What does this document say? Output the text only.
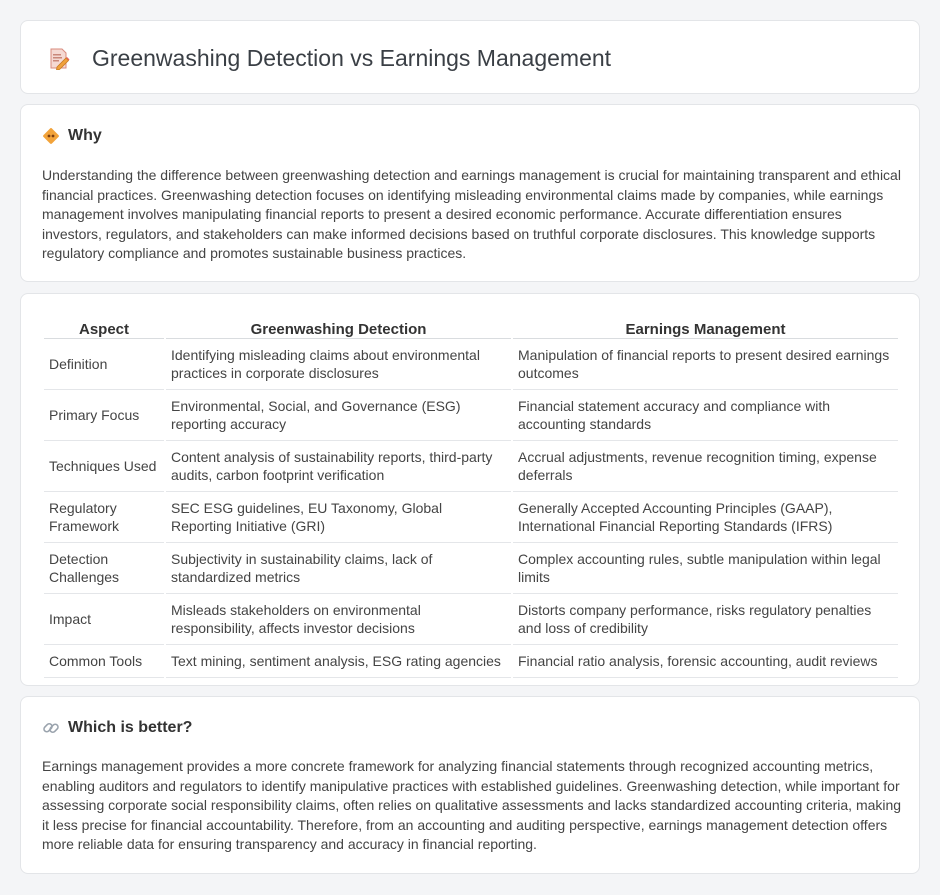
Greenwashing Detection vs Earnings Management
Why

Understanding the difference between greenwashing detection and earnings management is crucial for maintaining transparent and ethical financial practices. Greenwashing detection focuses on identifying misleading environmental claims made by companies, while earnings management involves manipulating financial reports to present a desired economic performance. Accurate differentiation ensures investors, regulators, and stakeholders can make informed decisions based on truthful corporate disclosures. This knowledge supports regulatory compliance and promotes sustainable business practices.

Aspect	Greenwashing Detection	Earnings Management
Definition	Identifying misleading claims about environmental practices in corporate disclosures	Manipulation of financial reports to present desired earnings outcomes
Primary Focus	Environmental, Social, and Governance (ESG) reporting accuracy	Financial statement accuracy and compliance with accounting standards
Techniques Used	Content analysis of sustainability reports, third-party audits, carbon footprint verification	Accrual adjustments, revenue recognition timing, expense deferrals
Regulatory Framework	SEC ESG guidelines, EU Taxonomy, Global Reporting Initiative (GRI)	Generally Accepted Accounting Principles (GAAP), International Financial Reporting Standards (IFRS)
Detection Challenges	Subjectivity in sustainability claims, lack of standardized metrics	Complex accounting rules, subtle manipulation within legal limits
Impact	Misleads stakeholders on environmental responsibility, affects investor decisions	Distorts company performance, risks regulatory penalties and loss of credibility
Common Tools	Text mining, sentiment analysis, ESG rating agencies	Financial ratio analysis, forensic accounting, audit reviews
Which is better?

Earnings management provides a more concrete framework for analyzing financial statements through recognized accounting metrics, enabling auditors and regulators to identify manipulative practices with established guidelines. Greenwashing detection, while important for assessing corporate social responsibility claims, often relies on qualitative assessments and lacks standardized accounting criteria, making it less precise for financial accountability. Therefore, from an accounting and auditing perspective, earnings management detection offers more reliable data for ensuring transparency and accuracy in financial reporting.
